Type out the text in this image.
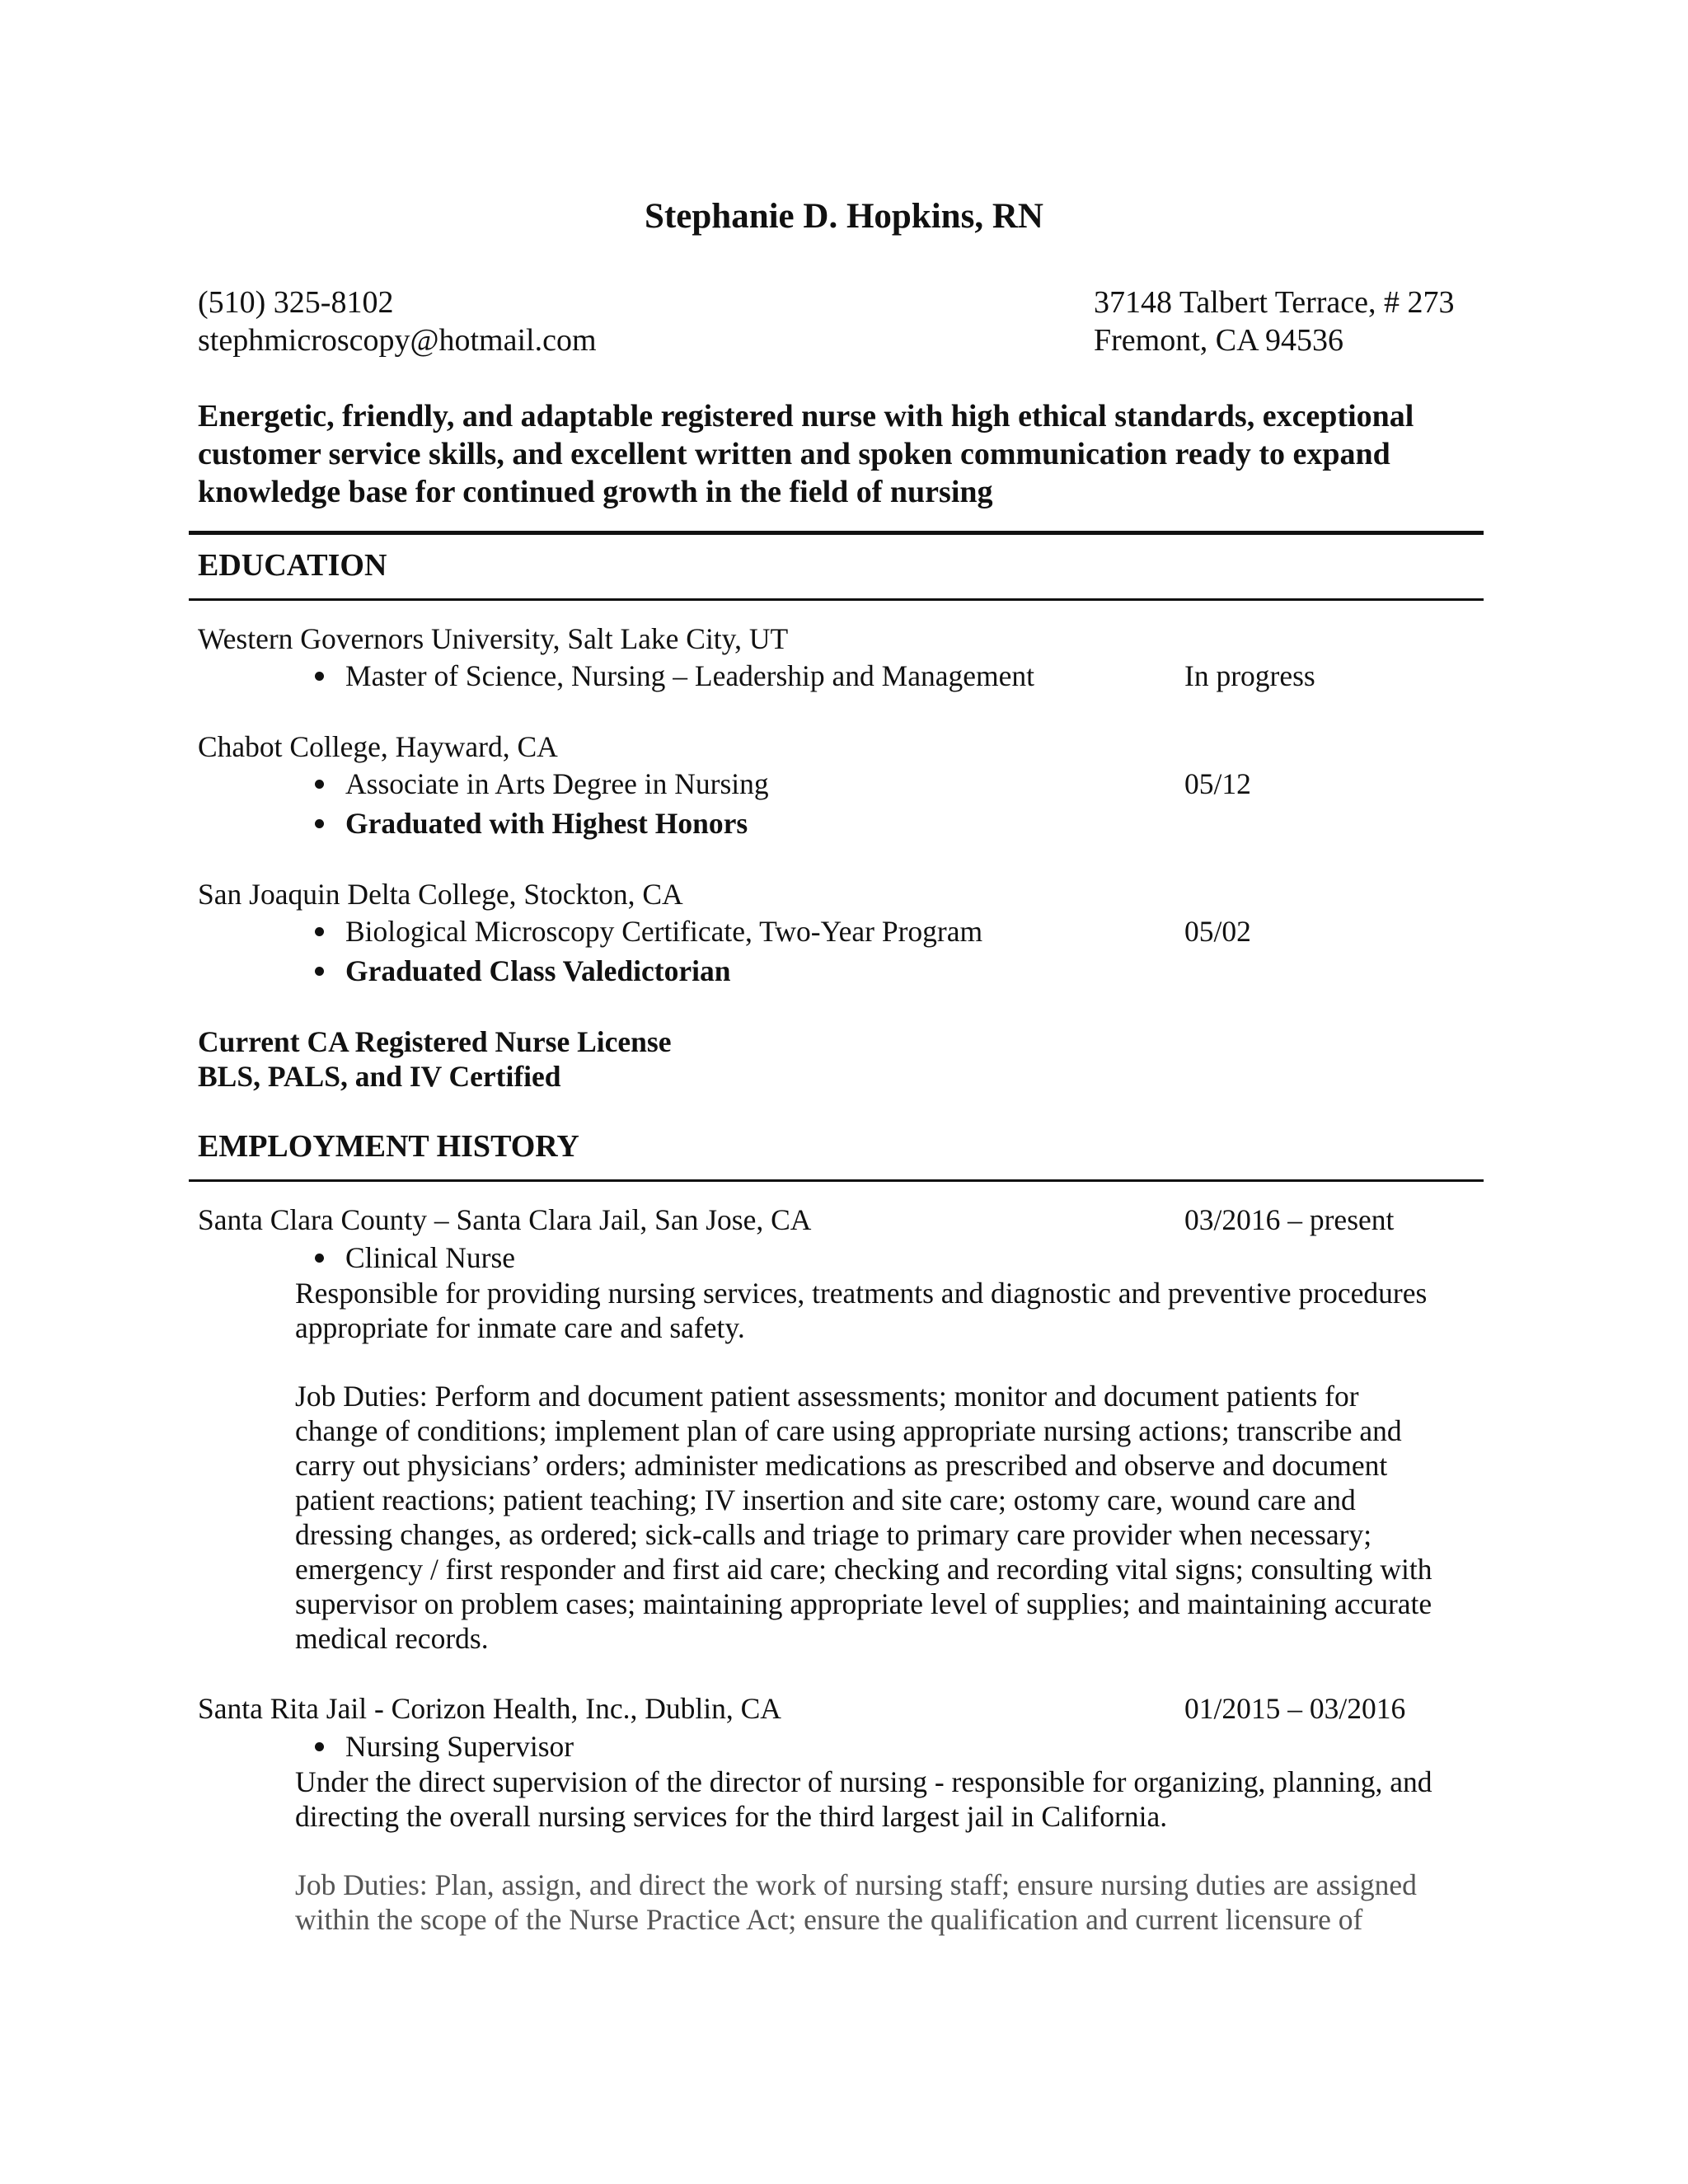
Stephanie D. Hopkins, RN
(510) 325-8102
stephmicroscopy@hotmail.com
37148 Talbert Terrace, # 273
Fremont, CA 94536
Energetic, friendly, and adaptable registered nurse with high ethical standards, exceptional
customer service skills, and excellent written and spoken communication ready to expand
knowledge base for continued growth in the field of nursing
EDUCATION
Western Governors University, Salt Lake City, UT
Master of Science, Nursing – Leadership and Management	In progress
Chabot College, Hayward, CA
Associate in Arts Degree in Nursing	05/12
Graduated with Highest Honors
San Joaquin Delta College, Stockton, CA
Biological Microscopy Certificate, Two-Year Program	05/02
Graduated Class Valedictorian
Current CA Registered Nurse License
BLS, PALS, and IV Certified
EMPLOYMENT HISTORY
Santa Clara County – Santa Clara Jail, San Jose, CA	03/2016 – present
Clinical Nurse
Responsible for providing nursing services, treatments and diagnostic and preventive procedures
appropriate for inmate care and safety.
Job Duties: Perform and document patient assessments; monitor and document patients for
change of conditions; implement plan of care using appropriate nursing actions; transcribe and
carry out physicians’ orders; administer medications as prescribed and observe and document
patient reactions; patient teaching; IV insertion and site care; ostomy care, wound care and
dressing changes, as ordered; sick-calls and triage to primary care provider when necessary;
emergency / first responder and first aid care; checking and recording vital signs; consulting with
supervisor on problem cases; maintaining appropriate level of supplies; and maintaining accurate
medical records.
Santa Rita Jail - Corizon Health, Inc., Dublin, CA	01/2015 – 03/2016
Nursing Supervisor
Under the direct supervision of the director of nursing - responsible for organizing, planning, and
directing the overall nursing services for the third largest jail in California.
Job Duties: Plan, assign, and direct the work of nursing staff; ensure nursing duties are assigned
within the scope of the Nurse Practice Act; ensure the qualification and current licensure of
